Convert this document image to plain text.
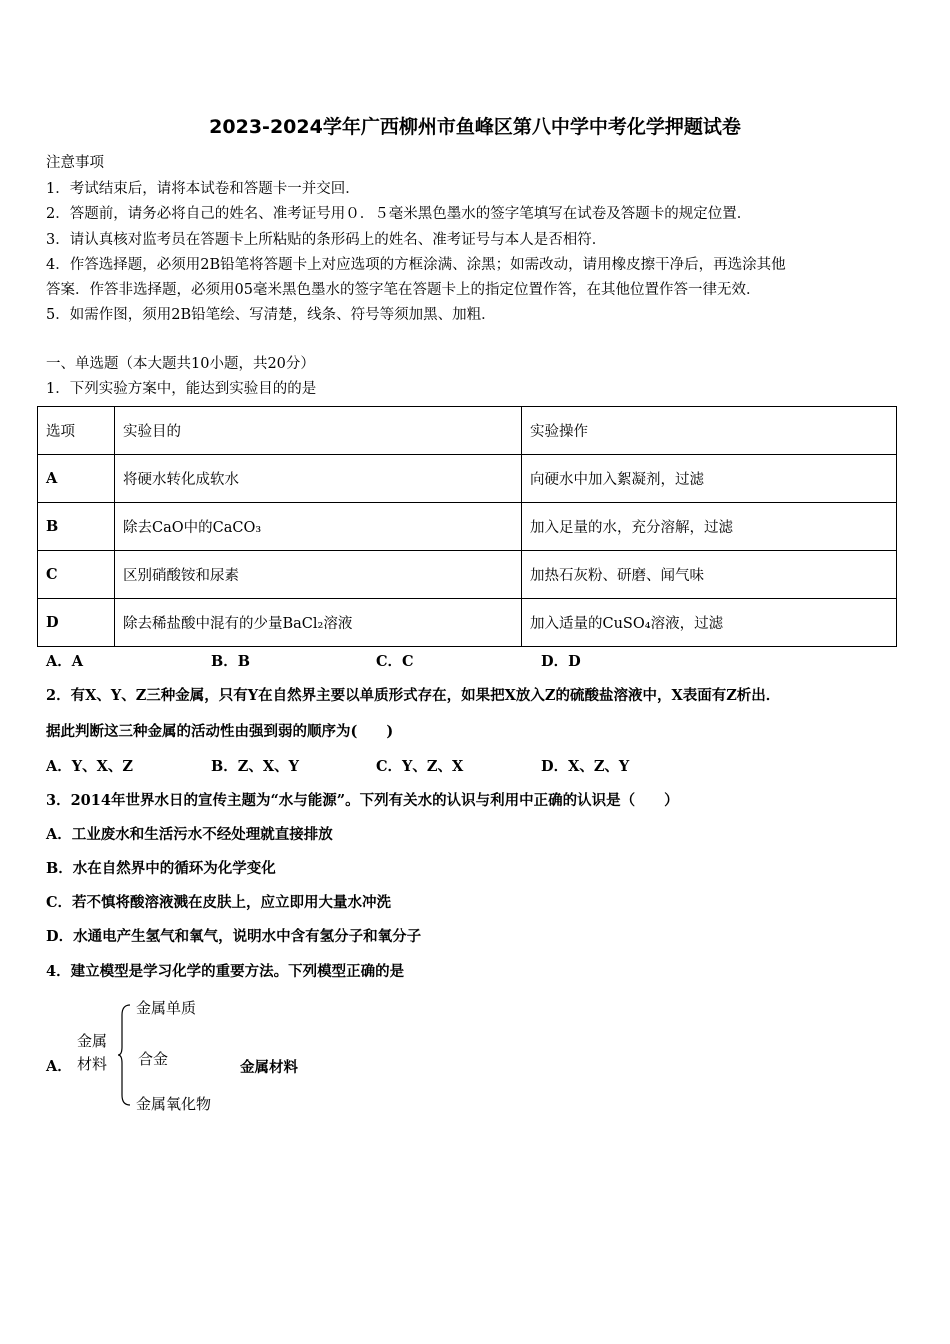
2023-2024学年广西柳州市鱼峰区第八中学中考化学押题试卷
注意事项
1．考试结束后，请将本试卷和答题卡一并交回．
2．答题前，请务必将自己的姓名、准考证号用０．５毫米黑色墨水的签字笔填写在试卷及答题卡的规定位置．
3．请认真核对监考员在答题卡上所粘贴的条形码上的姓名、准考证号与本人是否相符．
4．作答选择题，必须用2B铅笔将答题卡上对应选项的方框涂满、涂黑；如需改动，请用橡皮擦干净后，再选涂其他
答案．作答非选择题，必须用05毫米黑色墨水的签字笔在答题卡上的指定位置作答，在其他位置作答一律无效．
5．如需作图，须用2B铅笔绘、写清楚，线条、符号等须加黑、加粗．
一、单选题（本大题共10小题，共20分）
1．下列实验方案中，能达到实验目的的是
选项	实验目的	实验操作
A	将硬水转化成软水	向硬水中加入絮凝剂，过滤
B	除去CaO中的CaCO₃	加入足量的水，充分溶解，过滤
C	区别硝酸铵和尿素	加热石灰粉、研磨、闻气味
D	除去稀盐酸中混有的少量BaCl₂溶液	加入适量的CuSO₄溶液，过滤
A．A	B．B	C．C	D．D
2．有X、Y、Z三种金属，只有Y在自然界主要以单质形式存在，如果把X放入Z的硫酸盐溶液中，X表面有Z析出．
据此判断这三种金属的活动性由强到弱的顺序为(　　)
A．Y、X、Z	B．Z、X、Y	C．Y、Z、X	D．X、Z、Y
3．2014年世界水日的宣传主题为“水与能源”。下列有关水的认识与利用中正确的认识是（　　）
A．工业废水和生活污水不经处理就直接排放
B．水在自然界中的循环为化学变化
C．若不慎将酸溶液溅在皮肤上，应立即用大量水冲洗
D．水通电产生氢气和氧气，说明水中含有氢分子和氧分子
4．建立模型是学习化学的重要方法。下列模型正确的是
A．
金属
材料
金属单质
合金
金属氧化物
金属材料
